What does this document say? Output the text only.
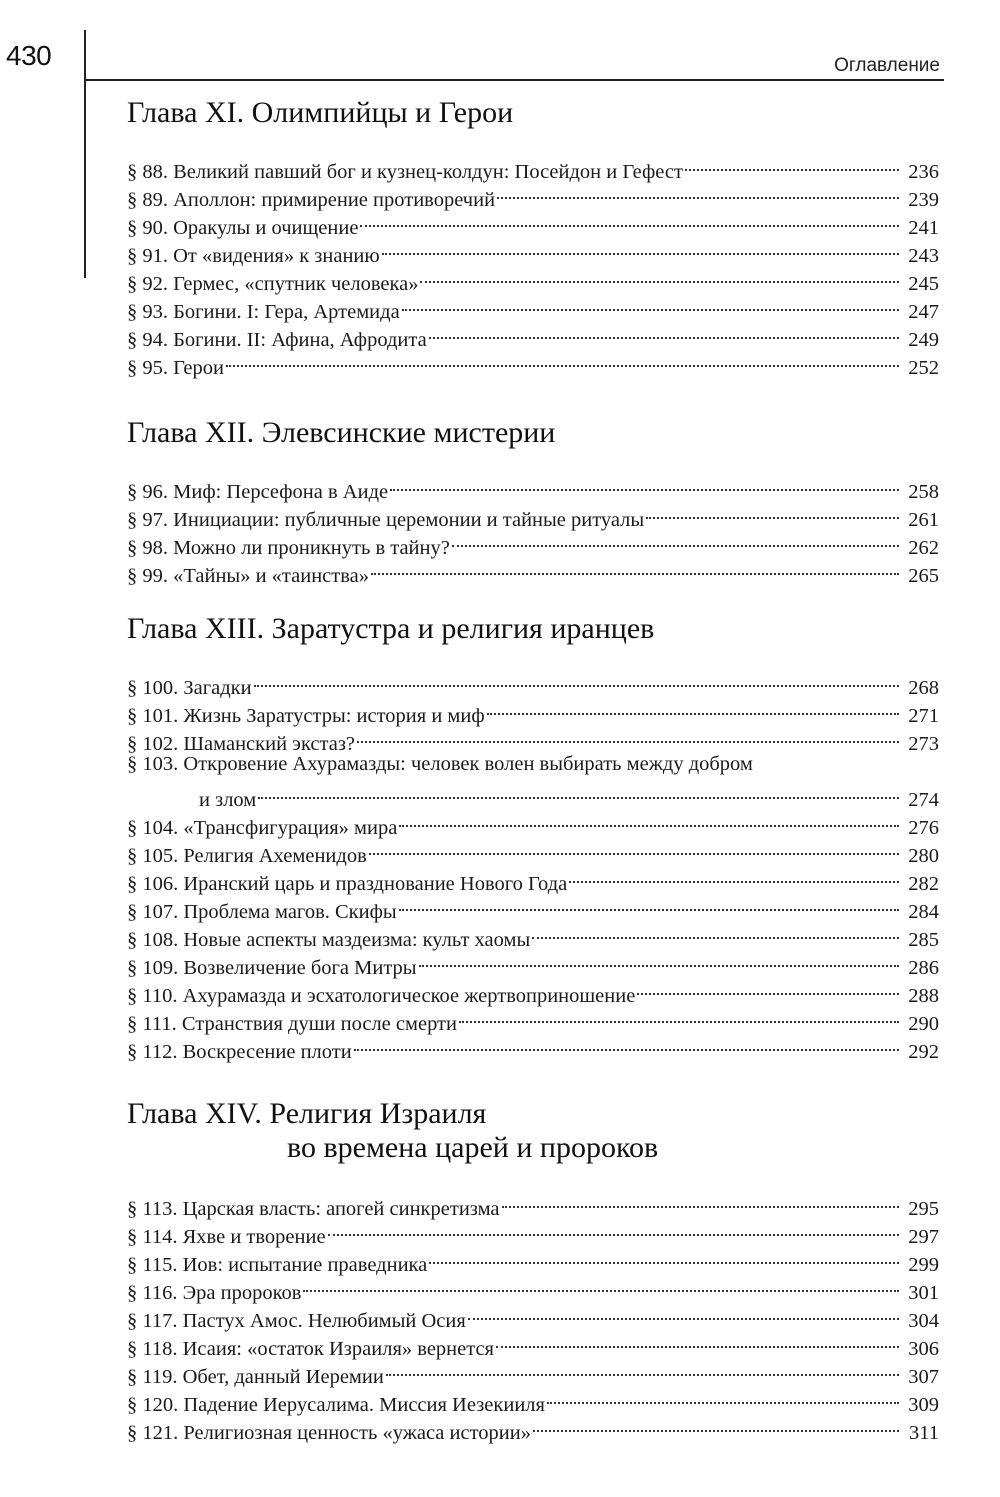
430	Оглавление
Глава XI. Олимпийцы и Герои
§ 88. Великий павший бог и кузнец-колдун: Посейдон и Гефест	236
§ 89. Аполлон: примирение противоречий	239
§ 90. Оракулы и очищение	241
§ 91. От «видения» к знанию	243
§ 92. Гермес, «спутник человека»	245
§ 93. Богини. I: Гера, Артемида	247
§ 94. Богини. II: Афина, Афродита	249
§ 95. Герои	252
Глава XII. Элевсинские мистерии
§ 96. Миф: Персефона в Аиде	258
§ 97. Инициации: публичные церемонии и тайные ритуалы	261
§ 98. Можно ли проникнуть в тайну?	262
§ 99. «Тайны» и «таинства»	265
Глава XIII. Заратустра и религия иранцев
§ 100. Загадки	268
§ 101. Жизнь Заратустры: история и миф	271
§ 102. Шаманский экстаз?	273
§ 103. Откровение Ахурамазды: человек волен выбирать между добром
и злом	274
§ 104. «Трансфигурация» мира	276
§ 105. Религия Ахеменидов	280
§ 106. Иранский царь и празднование Нового Года	282
§ 107. Проблема магов. Скифы	284
§ 108. Новые аспекты маздеизма: культ хаомы	285
§ 109. Возвеличение бога Митры	286
§ 110. Ахурамазда и эсхатологическое жертвоприношение	288
§ 111. Странствия души после смерти	290
§ 112. Воскресение плоти	292
Глава XIV. Религия Израиля
во времена царей и пророков
§ 113. Царская власть: апогей синкретизма	295
§ 114. Яхве и творение	297
§ 115. Иов: испытание праведника	299
§ 116. Эра пророков	301
§ 117. Пастух Амос. Нелюбимый Осия	304
§ 118. Исаия: «остаток Израиля» вернется	306
§ 119. Обет, данный Иеремии	307
§ 120. Падение Иерусалима. Миссия Иезекииля	309
§ 121. Религиозная ценность «ужаса истории»	311
